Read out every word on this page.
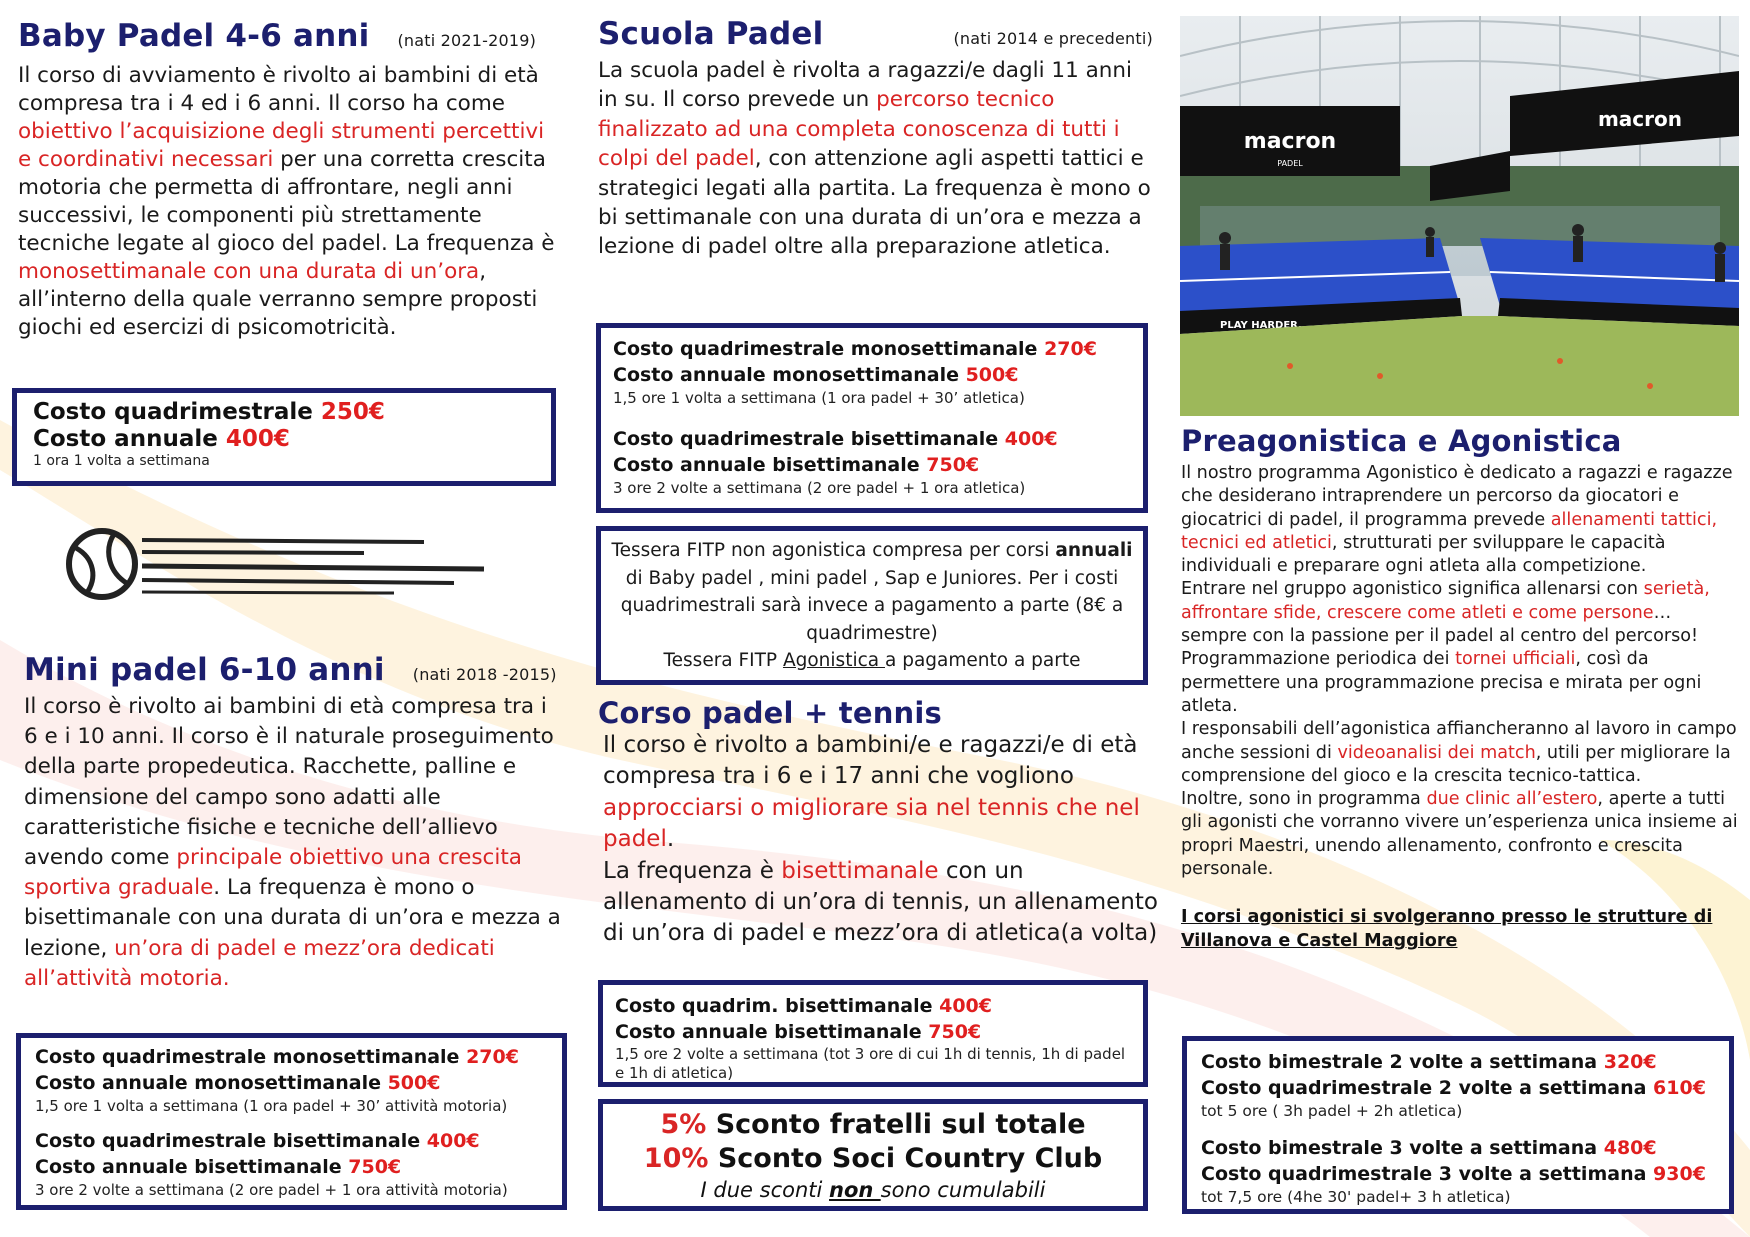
Baby Padel 4-6 anni (nati 2021-2019)

Il corso di avviamento è rivolto ai bambini di età compresa tra i 4 ed i 6 anni. Il corso ha come obiettivo l’acquisizione degli strumenti percettivi e coordinativi necessari per una corretta crescita motoria che permetta di affrontare, negli anni successivi, le componenti più strettamente tecniche legate al gioco del padel. La frequenza è monosettimanale con una durata di un’ora, all’interno della quale verranno sempre proposti giochi ed esercizi di psicomotricità.

Costo quadrimestrale 250€
Costo annuale 400€
1 ora 1 volta a settimana
Mini padel 6-10 anni (nati 2018 -2015)

Il corso è rivolto ai bambini di età compresa tra i 6 e i 10 anni. Il corso è il naturale proseguimento della parte propedeutica. Racchette, palline e dimensione del campo sono adatti alle caratteristiche fisiche e tecniche dell’allievo avendo come principale obiettivo una crescita sportiva graduale. La frequenza è mono o bisettimanale con una durata di un’ora e mezza a lezione, un’ora di padel e mezz’ora dedicati all’attività motoria.

Costo quadrimestrale monosettimanale 270€
Costo annuale monosettimanale 500€
1,5 ore 1 volta a settimana (1 ora padel + 30’ attività motoria)
Costo quadrimestrale bisettimanale 400€
Costo annuale bisettimanale 750€
3 ore 2 volte a settimana (2 ore padel + 1 ora attività motoria)
Scuola Padel	(nati 2014 e precedenti)

La scuola padel è rivolta a ragazzi/e dagli 11 anni in su. Il corso prevede un percorso tecnico finalizzato ad una completa conoscenza di tutti i colpi del padel, con attenzione agli aspetti tattici e strategici legati alla partita. La frequenza è mono o bi settimanale con una durata di un’ora e mezza a lezione di padel oltre alla preparazione atletica.

Costo quadrimestrale monosettimanale 270€
Costo annuale monosettimanale 500€
1,5 ore 1 volta a settimana (1 ora padel + 30’ atletica)
Costo quadrimestrale bisettimanale 400€
Costo annuale bisettimanale 750€
3 ore 2 volte a settimana (2 ore padel + 1 ora atletica)
Tessera FITP non agonistica compresa per corsi annuali di Baby padel , mini padel , Sap e Juniores. Per i costi quadrimestrali sarà invece a pagamento a parte (8€ a quadrimestre)
Tessera FITP Agonistica a pagamento a parte
Corso padel + tennis

Il corso è rivolto a bambini/e e ragazzi/e di età compresa tra i 6 e i 17 anni che vogliono approcciarsi o migliorare sia nel tennis che nel padel.
La frequenza è bisettimanale con un allenamento di un’ora di tennis, un allenamento di un’ora di padel e mezz’ora di atletica(a volta)

Costo quadrim. bisettimanale 400€
Costo annuale bisettimanale 750€
1,5 ore 2 volte a settimana (tot 3 ore di cui 1h di tennis, 1h di padel e 1h di atletica)
5% Sconto fratelli sul totale
10% Sconto Soci Country Club
I due sconti non sono cumulabili
macron
PADEL
macron
PLAY HARDER.
Preagonistica e Agonistica
Il nostro programma Agonistico è dedicato a ragazzi e ragazze che desiderano intraprendere un percorso da giocatori e giocatrici di padel, il programma prevede allenamenti tattici, tecnici ed atletici, strutturati per sviluppare le capacità individuali e preparare ogni atleta alla competizione.
Entrare nel gruppo agonistico significa allenarsi con serietà, affrontare sfide, crescere come atleti e come persone… sempre con la passione per il padel al centro del percorso!
Programmazione periodica dei tornei ufficiali, così da permettere una programmazione precisa e mirata per ogni atleta.
I responsabili dell’agonistica affiancheranno al lavoro in campo anche sessioni di videoanalisi dei match, utili per migliorare la comprensione del gioco e la crescita tecnico-tattica.
Inoltre, sono in programma due clinic all’estero, aperte a tutti gli agonisti che vorranno vivere un’esperienza unica insieme ai propri Maestri, unendo allenamento, confronto e crescita personale.
I corsi agonistici si svolgeranno presso le strutture di Villanova e Castel Maggiore
Costo bimestrale 2 volte a settimana 320€
Costo quadrimestrale 2 volte a settimana 610€
tot 5 ore ( 3h padel + 2h atletica)
Costo bimestrale 3 volte a settimana 480€
Costo quadrimestrale 3 volte a settimana 930€
tot 7,5 ore (4he 30' padel+ 3 h atletica)
